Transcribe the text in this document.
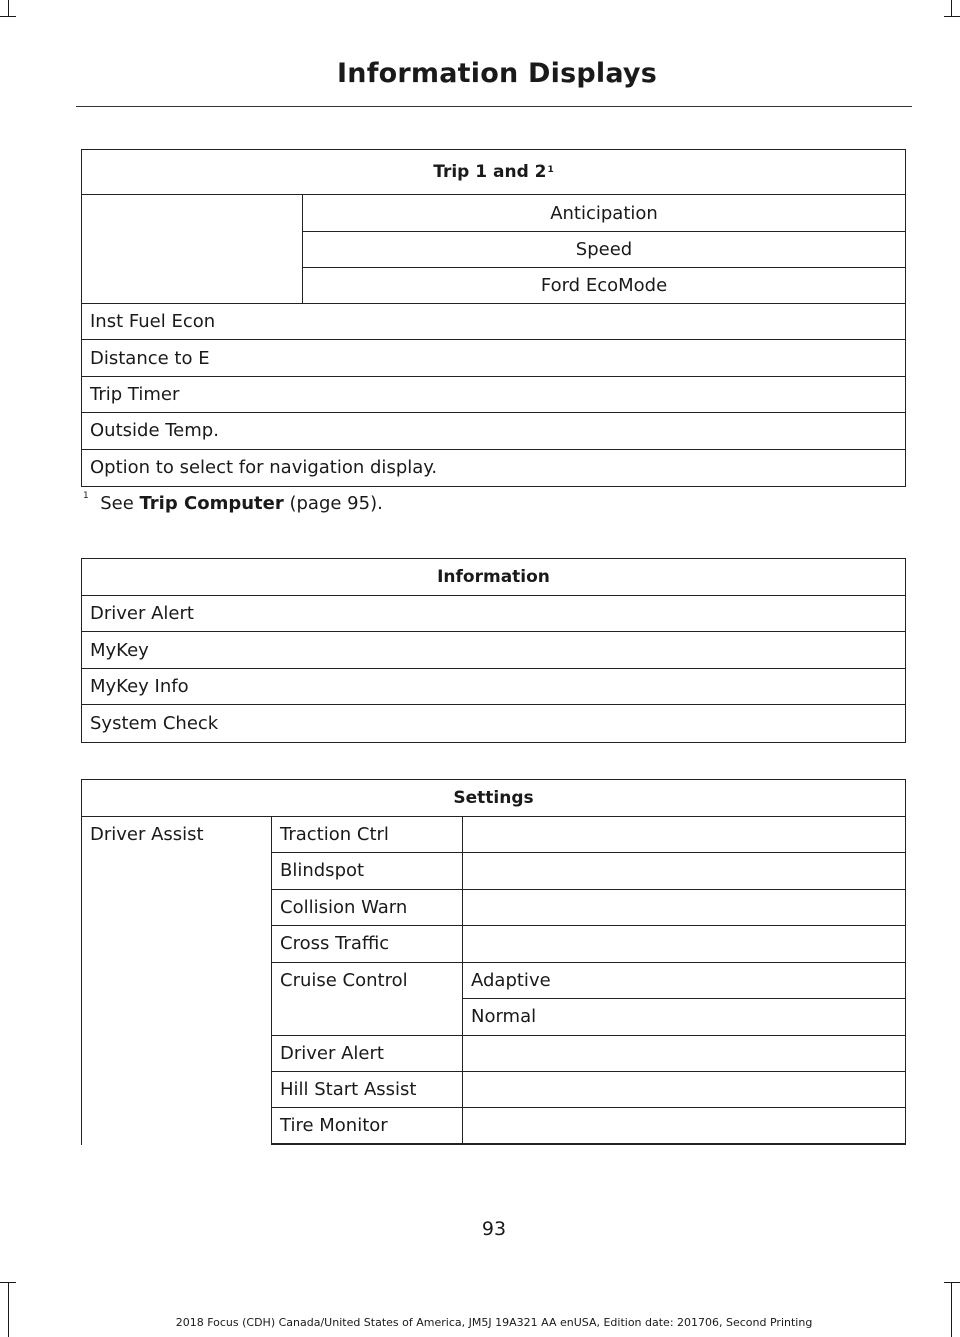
Information Displays
Trip 1 and $2^1$
Anticipation
Speed
Ford EcoMode
Inst Fuel Econ
Distance to E
Trip Timer
Outside Temp.
Option to select for navigation display.
$^1$ See Trip Computer (page 95).
Information
Driver Alert
MyKey
MyKey Info
System Check
Settings
Driver Assist	Traction Ctrl
Blindspot
Collision Warn
Cross Traffic
Cruise Control
Driver Alert
Hill Start Assist
Tire Monitor
Adaptive
Normal
93
2018 Focus (CDH) Canada/United States of America, JM5J 19A321 AA enUSA, Edition date: 201706, Second Printing
